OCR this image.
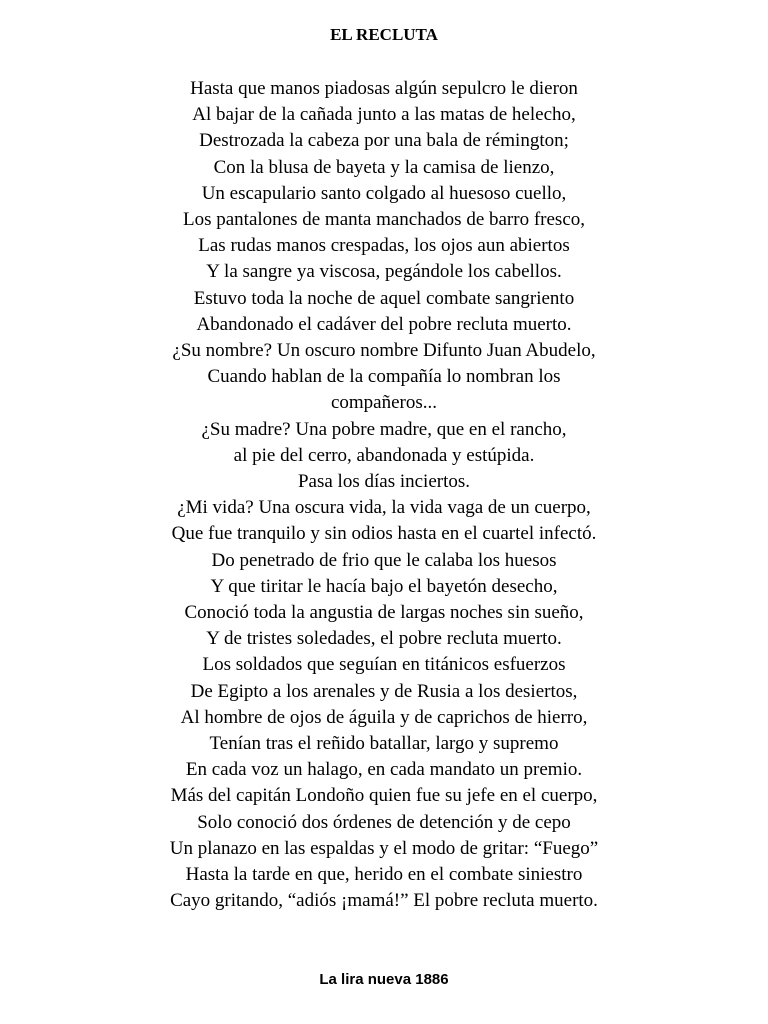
EL RECLUTA
Hasta que manos piadosas algún sepulcro le dieron
Al bajar de la cañada junto a las matas de helecho,
Destrozada la cabeza por una bala de rémington;
Con la blusa de bayeta y la camisa de lienzo,
Un escapulario santo colgado al huesoso cuello,
Los pantalones de manta manchados de barro fresco,
Las rudas manos crespadas, los ojos aun abiertos
Y la sangre ya viscosa, pegándole los cabellos.
Estuvo toda la noche de aquel combate sangriento
Abandonado el cadáver del pobre recluta muerto.
¿Su nombre? Un oscuro nombre Difunto Juan Abudelo,
Cuando hablan de la compañía lo nombran los
compañeros...
¿Su madre? Una pobre madre, que en el rancho,
al pie del cerro, abandonada y estúpida.
Pasa los días inciertos.
¿Mi vida? Una oscura vida, la vida vaga de un cuerpo,
Que fue tranquilo y sin odios hasta en el cuartel infectó.
Do penetrado de frio que le calaba los huesos
Y que tiritar le hacía bajo el bayetón desecho,
Conoció toda la angustia de largas noches sin sueño,
Y de tristes soledades, el pobre recluta muerto.
Los soldados que seguían en titánicos esfuerzos
De Egipto a los arenales y de Rusia a los desiertos,
Al hombre de ojos de águila y de caprichos de hierro,
Tenían tras el reñido batallar, largo y supremo
En cada voz un halago, en cada mandato un premio.
Más del capitán Londoño quien fue su jefe en el cuerpo,
Solo conoció dos órdenes de detención y de cepo
Un planazo en las espaldas y el modo de gritar: “Fuego”
Hasta la tarde en que, herido en el combate siniestro
Cayo gritando, “adiós ¡mamá!” El pobre recluta muerto.
La lira nueva 1886
